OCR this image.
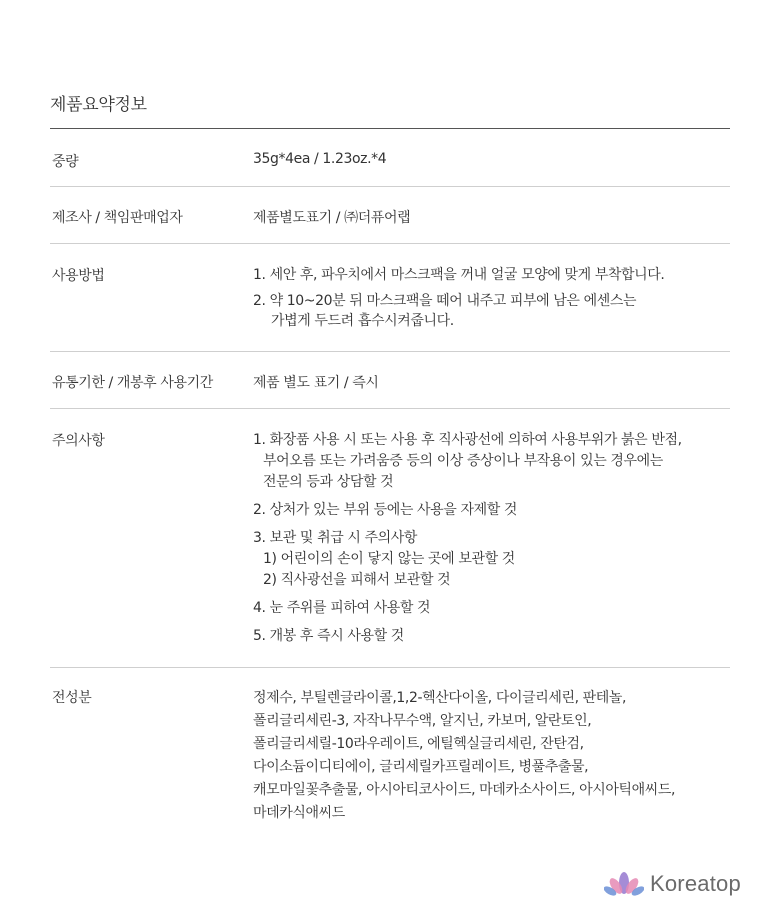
제품요약정보
중량	35g*4ea / 1.23oz.*4
제조사 / 책임판매업자	제품별도표기 / ㈜더퓨어랩
사용방법	1. 세안 후, 파우치에서 마스크팩을 꺼내 얼굴 모양에 맞게 부착합니다.
2. 약 10~20분 뒤 마스크팩을 떼어 내주고 피부에 남은 에센스는
가볍게 두드려 흡수시켜줍니다.
유통기한 / 개봉후 사용기간	제품 별도 표기 / 즉시
주의사항	1. 화장품 사용 시 또는 사용 후 직사광선에 의하여 사용부위가 붉은 반점,
부어오름 또는 가려움증 등의 이상 증상이나 부작용이 있는 경우에는
전문의 등과 상담할 것
2. 상처가 있는 부위 등에는 사용을 자제할 것
3. 보관 및 취급 시 주의사항
1) 어린이의 손이 닿지 않는 곳에 보관할 것
2) 직사광선을 피해서 보관할 것
4. 눈 주위를 피하여 사용할 것
5. 개봉 후 즉시 사용할 것
전성분	정제수, 부틸렌글라이콜,1,2-헥산다이올, 다이글리세린, 판테놀,
폴리글리세린-3, 자작나무수액, 알지닌, 카보머, 알란토인,
폴리글리세릴-10라우레이트, 에틸헥실글리세린, 잔탄검,
다이소듐이디티에이, 글리세릴카프릴레이트, 병풀추출물,
캐모마일꽃추출물, 아시아티코사이드, 마데카소사이드, 아시아틱애씨드,
마데카식애씨드
Koreatop
